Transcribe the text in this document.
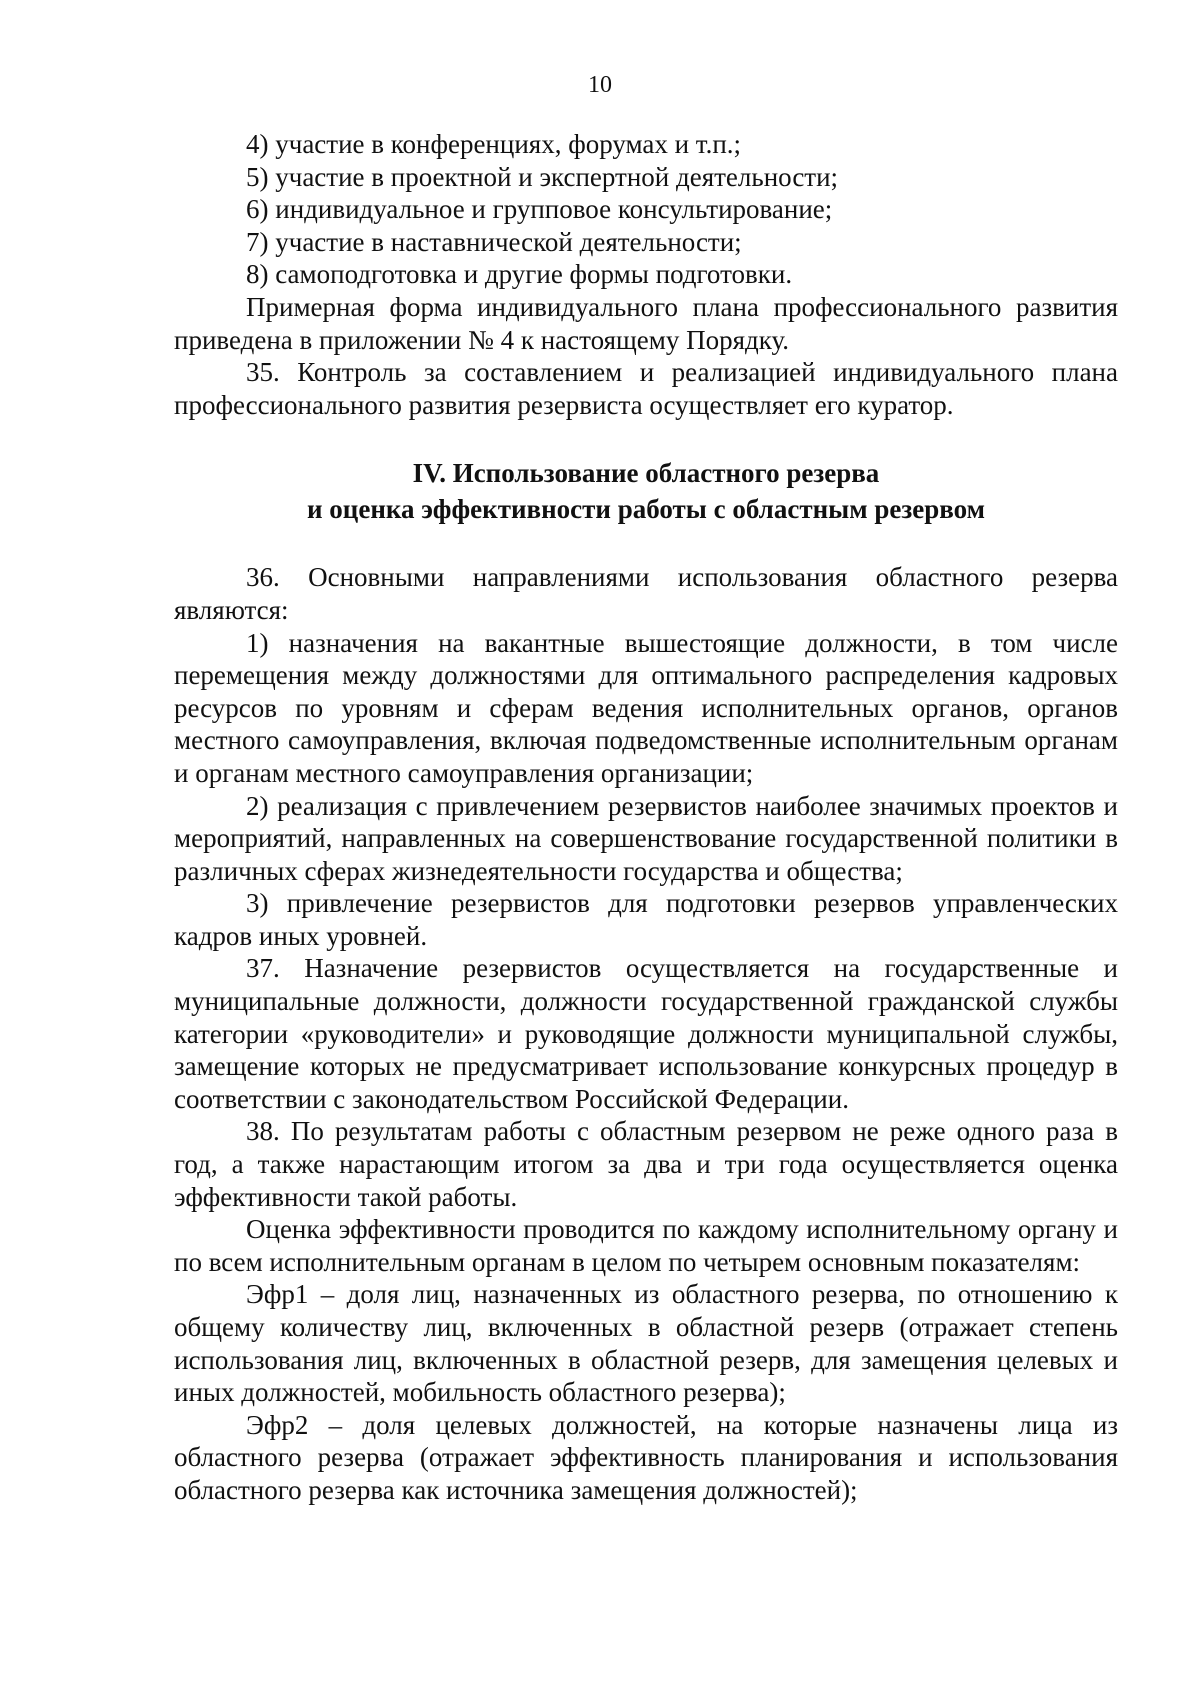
10

4) участие в конференциях, форумах и т.п.;

5) участие в проектной и экспертной деятельности;

6) индивидуальное и групповое консультирование;

7) участие в наставнической деятельности;

8) самоподготовка и другие формы подготовки.

Примерная форма индивидуального плана профессионального развития приведена в приложении № 4 к настоящему Порядку.

35. Контроль за составлением и реализацией индивидуального плана профессионального развития резервиста осуществляет его куратор.

IV. Использование областного резерва
и оценка эффективности работы с областным резервом

36. Основными направлениями использования областного резерва являются:

1) назначения на вакантные вышестоящие должности, в том числе перемещения между должностями для оптимального распределения кадровых ресурсов по уровням и сферам ведения исполнительных органов, органов местного самоуправления, включая подведомственные исполнительным органам и органам местного самоуправления организации;

2) реализация с привлечением резервистов наиболее значимых проектов и мероприятий, направленных на совершенствование государственной политики в различных сферах жизнедеятельности государства и общества;

3) привлечение резервистов для подготовки резервов управленческих кадров иных уровней.

37. Назначение резервистов осуществляется на государственные и муниципальные должности, должности государственной гражданской службы категории «руководители» и руководящие должности муниципальной службы, замещение которых не предусматривает использование конкурсных процедур в соответствии с законодательством Российской Федерации.

38. По результатам работы с областным резервом не реже одного раза в год, а также нарастающим итогом за два и три года осуществляется оценка эффективности такой работы.

Оценка эффективности проводится по каждому исполнительному органу и по всем исполнительным органам в целом по четырем основным показателям:

Эфр1 – доля лиц, назначенных из областного резерва, по отношению к общему количеству лиц, включенных в областной резерв (отражает степень использования лиц, включенных в областной резерв, для замещения целевых и иных должностей, мобильность областного резерва);

Эфр2 – доля целевых должностей, на которые назначены лица из областного резерва (отражает эффективность планирования и использования областного резерва как источника замещения должностей);
